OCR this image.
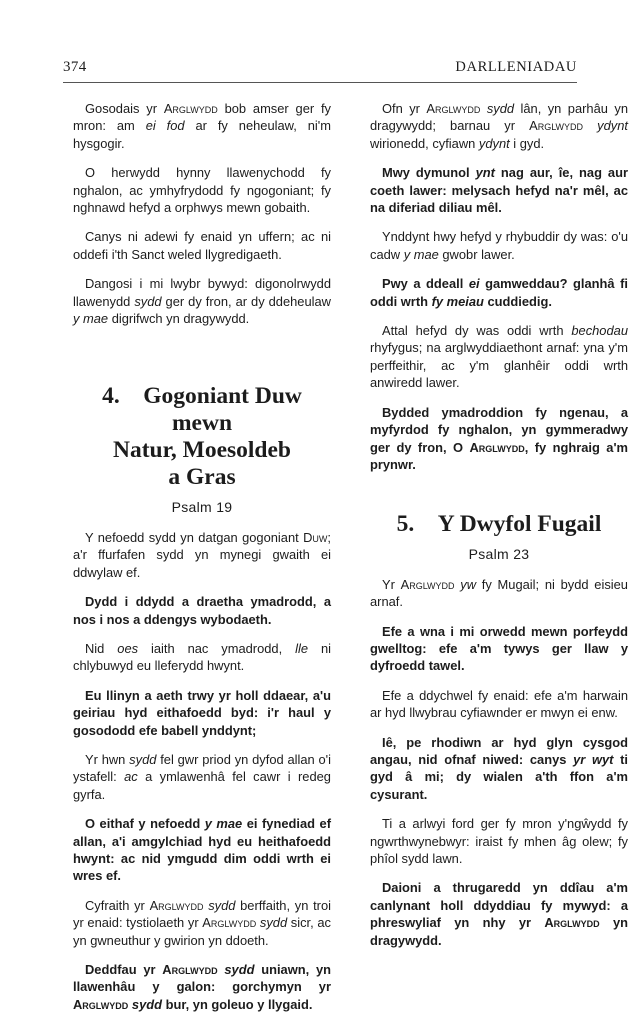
374	DARLLENIADAU

Gosodais yr Arglwydd bob amser ger fy mron: am ei fod ar fy neheulaw, ni'm hysgogir.

O herwydd hynny llawenychodd fy nghalon, ac ymhyfrydodd fy ngogoniant; fy nghnawd hefyd a orphwys mewn gobaith.

Canys ni adewi fy enaid yn uffern; ac ni oddefi i'th Sanct weled llygredigaeth.

Dangosi i mi lwybr bywyd: digonolrwydd llawenydd sydd ger dy fron, ar dy ddeheulaw y mae digrifwch yn dragywydd.

4. Gogoniant Duw mewn
Natur, Moesoldeb
a Gras
Psalm 19

Y nefoedd sydd yn datgan gogoniant Duw; a'r ffurfafen sydd yn mynegi gwaith ei ddwylaw ef.

Dydd i ddydd a draetha ymadrodd, a nos i nos a ddengys wybodaeth.

Nid oes iaith nac ymadrodd, lle ni chlybuwyd eu lleferydd hwynt.

Eu llinyn a aeth trwy yr holl ddaear, a'u geiriau hyd eithafoedd byd: i'r haul y gosododd efe babell ynddynt;

Yr hwn sydd fel gwr priod yn dyfod allan o'i ystafell: ac a ymlawenhâ fel cawr i redeg gyrfa.

O eithaf y nefoedd y mae ei fynediad ef allan, a'i amgylchiad hyd eu heithafoedd hwynt: ac nid ymgudd dim oddi wrth ei wres ef.

Cyfraith yr Arglwydd sydd berffaith, yn troi yr enaid: tystiolaeth yr Arglwydd sydd sicr, ac yn gwneuthur y gwirion yn ddoeth.

Deddfau yr Arglwydd sydd uniawn, yn llawenhâu y galon: gorchymyn yr Arglwydd sydd bur, yn goleuo y llygaid.

Ofn yr Arglwydd sydd lân, yn parhâu yn dragywydd; barnau yr Arglwydd ydynt wirionedd, cyfiawn ydynt i gyd.

Mwy dymunol ynt nag aur, îe, nag aur coeth lawer: melysach hefyd na'r mêl, ac na diferiad diliau mêl.

Ynddynt hwy hefyd y rhybuddir dy was: o'u cadw y mae gwobr lawer.

Pwy a ddeall ei gamweddau? glanhâ fi oddi wrth fy meiau cuddiedig.

Attal hefyd dy was oddi wrth bechodau rhyfygus; na arglwyddiaethont arnaf: yna y'm perffeithir, ac y'm glanhêir oddi wrth anwiredd lawer.

Bydded ymadroddion fy ngenau, a myfyrdod fy nghalon, yn gymmeradwy ger dy fron, O Arglwydd, fy nghraig a'm prynwr.

5. Y Dwyfol Fugail
Psalm 23

Yr Arglwydd yw fy Mugail; ni bydd eisieu arnaf.

Efe a wna i mi orwedd mewn porfeydd gwelltog: efe a'm tywys ger llaw y dyfroedd tawel.

Efe a ddychwel fy enaid: efe a'm harwain ar hyd llwybrau cyfiawnder er mwyn ei enw.

Iê, pe rhodiwn ar hyd glyn cysgod angau, nid ofnaf niwed: canys yr wyt ti gyd â mi; dy wialen a'th ffon a'm cysurant.

Ti a arlwyi ford ger fy mron y'ngŵydd fy ngwrthwynebwyr: iraist fy mhen âg olew; fy phîol sydd lawn.

Daioni a thrugaredd yn ddîau a'm canlynant holl ddyddiau fy mywyd: a phreswyliaf yn nhy yr Arglwydd yn dragywydd.
